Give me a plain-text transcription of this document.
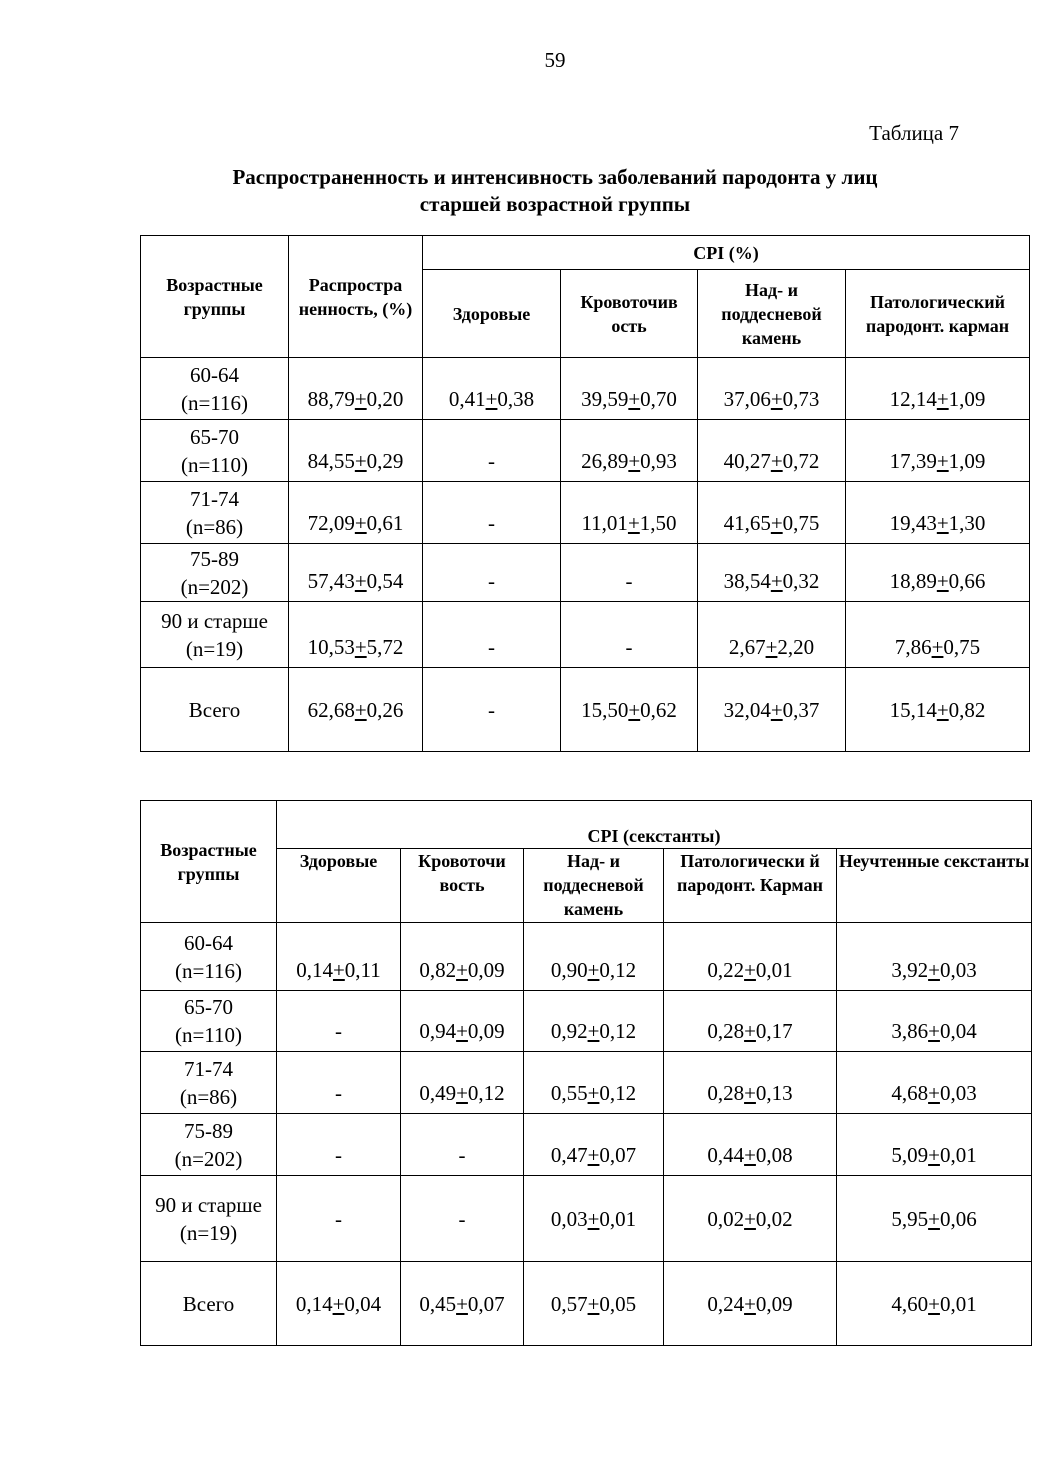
59
Таблица 7
Распространенность и интенсивность заболеваний пародонта у лиц
старшей возрастной группы
Возрастные группы	Распростра ненность, (%)	CPI (%)			
		Здоровые	Кровоточив ость	Над- и поддесневой камень	Патологический пародонт. карман

60-64
(n=116)	88,79+0,20	0,41+0,38	39,59+0,70	37,06+0,73	12,14+1,09

65-70
(n=110)	84,55+0,29	-	26,89+0,93	40,27+0,72	17,39+1,09

71-74
(n=86)	72,09+0,61	-	11,01+1,50	41,65+0,75	19,43+1,30

75-89
(n=202)	57,43+0,54	-	-	38,54+0,32	18,89+0,66

90 и старше
(n=19)	10,53+5,72	-	-	2,67+2,20	7,86+0,75

Всего	62,68+0,26	-	15,50+0,62	32,04+0,37	15,14+0,82
Возрастные группы	CPI (секстанты)				
	Здоровые	Кровоточи вость	Над- и поддесневой камень	Патологически й пародонт. Карман	Неучтенные секстанты
60-64 (n=116)	0,14+0,11	0,82+0,09	0,90+0,12	0,22+0,01	3,92+0,03
65-70 (n=110)	-	0,94+0,09	0,92+0,12	0,28+0,17	3,86+0,04
71-74 (n=86)	-	0,49+0,12	0,55+0,12	0,28+0,13	4,68+0,03
75-89 (n=202)	-	-	0,47+0,07	0,44+0,08	5,09+0,01
90 и старше (n=19)	-	-	0,03+0,01	0,02+0,02	5,95+0,06
Всего	0,14+0,04	0,45+0,07	0,57+0,05	0,24+0,09	4,60+0,01
